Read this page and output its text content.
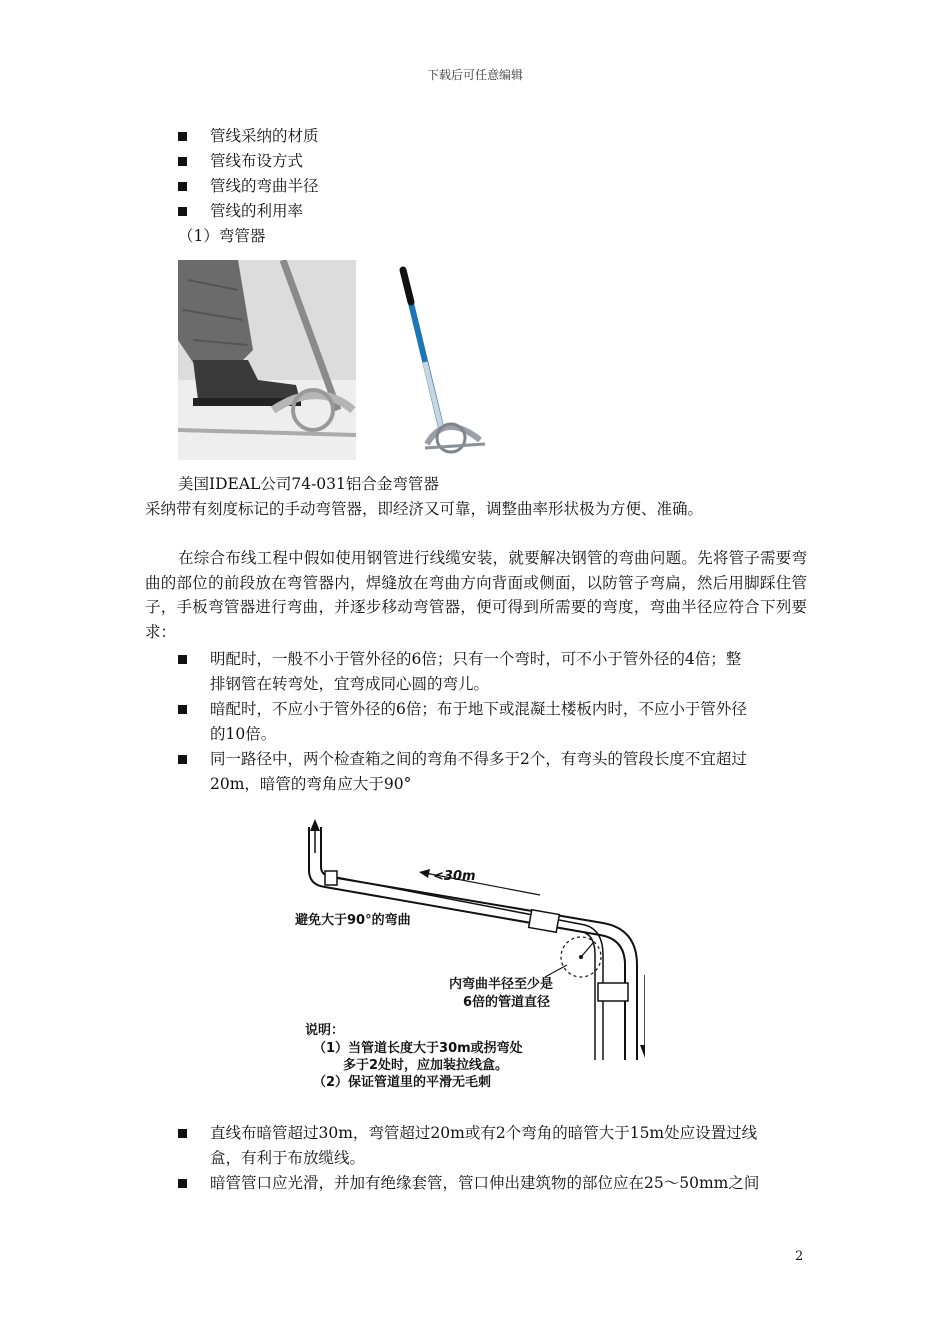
下载后可任意编辑
管线采纳的材质
管线布设方式
管线的弯曲半径
管线的利用率
（1）弯管器
美国IDEAL公司74-031铝合金弯管器
采纳带有刻度标记的手动弯管器，即经济又可靠，调整曲率形状极为方便、准确。
在综合布线工程中假如使用钢管进行线缆安装，就要解决钢管的弯曲问题。先将管子需要弯曲的部位的前段放在弯管器内，焊缝放在弯曲方向背面或侧面，以防管子弯扁，然后用脚踩住管子，手板弯管器进行弯曲，并逐步移动弯管器，便可得到所需要的弯度，弯曲半径应符合下列要求：
明配时，一般不小于管外径的6倍；只有一个弯时，可不小于管外径的4倍；整
排钢管在转弯处，宜弯成同心圆的弯儿。
暗配时，不应小于管外径的6倍；布于地下或混凝土楼板内时，不应小于管外径
的10倍。
同一路径中，两个检查箱之间的弯角不得多于2个，有弯头的管段长度不宜超过
20m，暗管的弯角应大于90°
<30m
避免大于90°的弯曲
内弯曲半径至少是
6倍的管道直径
说明：
（1）当管道长度大于30m或拐弯处
多于2处时，应加装拉线盒。
（2）保证管道里的平滑无毛刺
直线布暗管超过30m，弯管超过20m或有2个弯角的暗管大于15m处应设置过线
盒，有利于布放缆线。
暗管管口应光滑，并加有绝缘套管，管口伸出建筑物的部位应在25～50mm之间
2
